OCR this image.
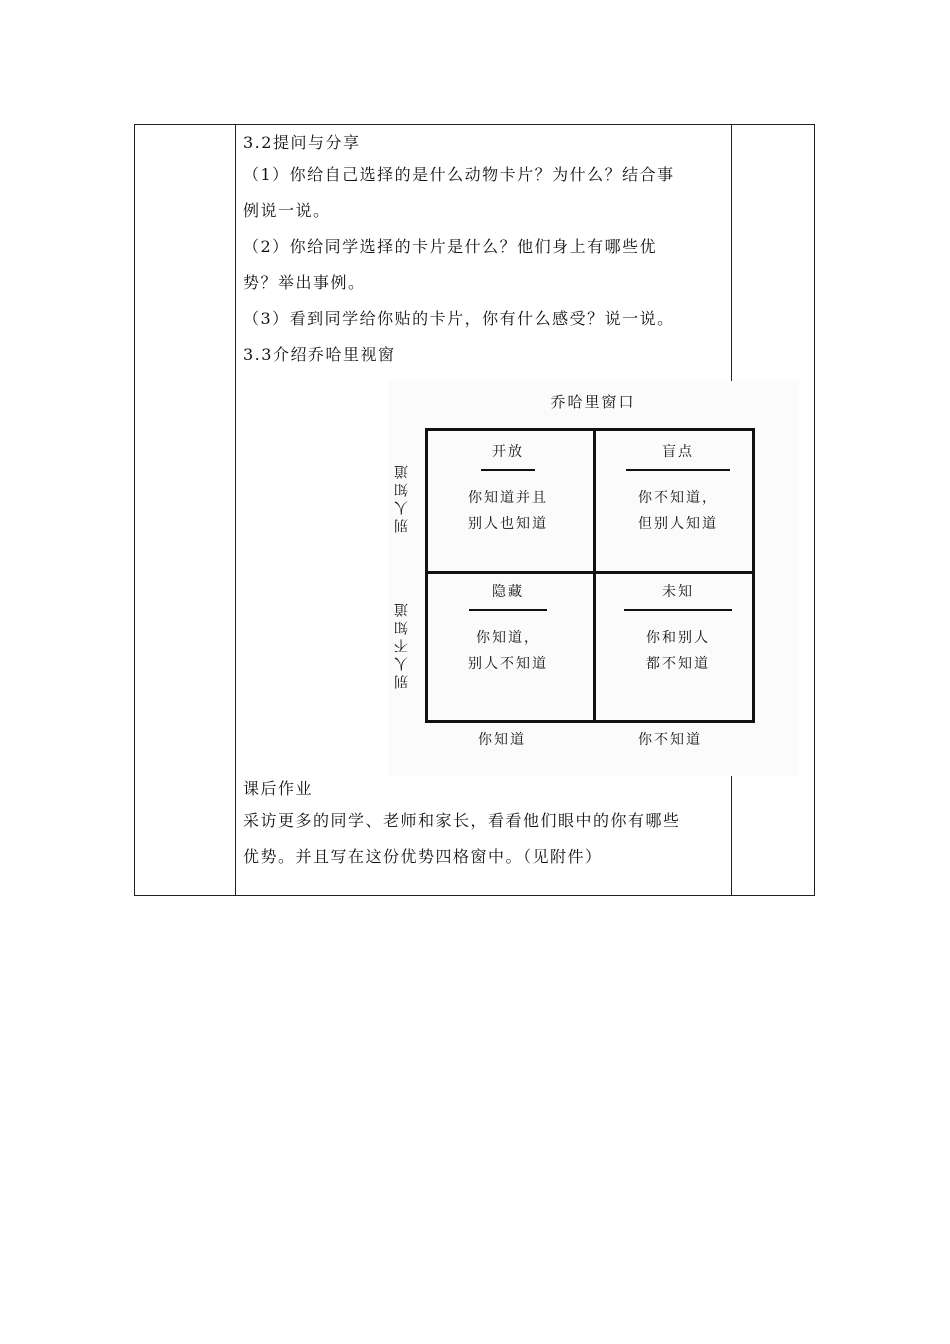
3.2提问与分享
（1）你给自己选择的是什么动物卡片？为什么？结合事
例说一说。
（2）你给同学选择的卡片是什么？他们身上有哪些优
势？举出事例。
（3）看到同学给你贴的卡片，你有什么感受？说一说。
3.3介绍乔哈里视窗
乔哈里窗口
别人知道
别人不知道
开放
你知道并且
别人也知道
盲点
你不知道，
但别人知道
隐藏
你知道，
别人不知道
未知
你和别人
都不知道
你知道	你不知道
课后作业
采访更多的同学、老师和家长，看看他们眼中的你有哪些
优势。并且写在这份优势四格窗中。（见附件）
